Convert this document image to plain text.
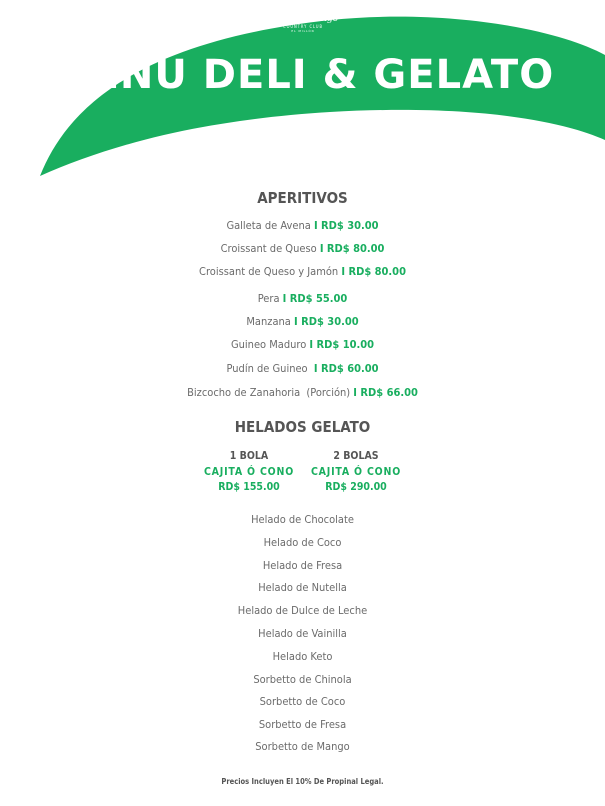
Santo Domingo
COUNTRY CLUB
EL MILLÓN
MENÚ DELI & GELATO
APERITIVOS
Galleta de Avena I RD$ 30.00
Croissant de Queso I RD$ 80.00
Croissant de Queso y Jamón I RD$ 80.00
Pera I RD$ 55.00
Manzana I RD$ 30.00
Guineo Maduro I RD$ 10.00
Pudín de Guineo  I RD$ 60.00
Bizcocho de Zanahoria  (Porción) I RD$ 66.00
HELADOS GELATO
1 BOLA
CAJITA Ó CONO
RD$ 155.00
2 BOLAS
CAJITA Ó CONO
RD$ 290.00
Helado de Chocolate
Helado de Coco
Helado de Fresa
Helado de Nutella
Helado de Dulce de Leche
Helado de Vainilla
Helado Keto
Sorbetto de Chinola
Sorbetto de Coco
Sorbetto de Fresa
Sorbetto de Mango
Precios Incluyen El 10% De Propinal Legal.
